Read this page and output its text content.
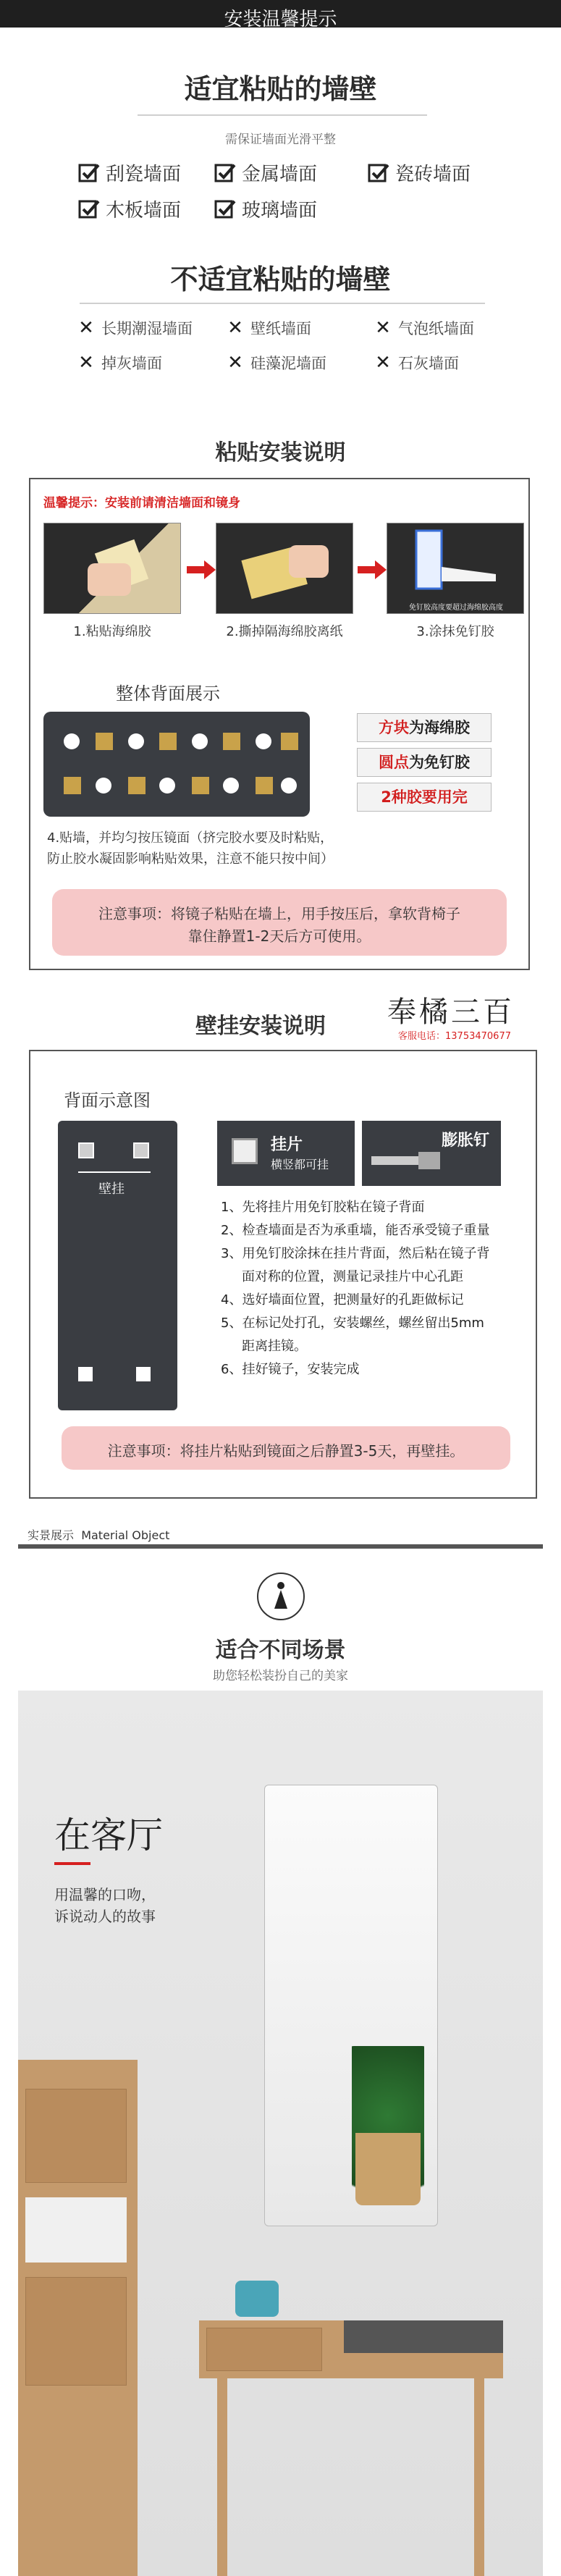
安装温馨提示
适宜粘贴的墙壁
需保证墙面光滑平整
刮瓷墙面	金属墙面	瓷砖墙面
木板墙面	玻璃墙面
不适宜粘贴的墙壁
✕ 长期潮湿墙面 ✕ 壁纸墙面	✕ 气泡纸墙面
✕ 掉灰墙面	✕ 硅藻泥墙面	✕ 石灰墙面
粘贴安装说明
温馨提示：安装前请清洁墙面和镜身
免钉胶高度要超过海绵胶高度
1.粘贴海绵胶	2.撕掉隔海绵胶离纸	3.涂抹免钉胶
整体背面展示
方块为海绵胶
圆点为免钉胶
2种胶要用完
4.贴墙，并均匀按压镜面（挤完胶水要及时粘贴，
防止胶水凝固影响粘贴效果，注意不能只按中间）
注意事项：将镜子粘贴在墙上，用手按压后，拿软背椅子
靠住静置1-2天后方可使用。
壁挂安装说明 奉橘三百
客服电话：13753470677
背面示意图
壁挂
挂片
横竖都可挂
膨胀钉
1、先将挂片用免钉胶粘在镜子背面
2、检查墙面是否为承重墙，能否承受镜子重量
3、用免钉胶涂抹在挂片背面，然后粘在镜子背
面对称的位置，测量记录挂片中心孔距
4、选好墙面位置，把测量好的孔距做标记
5、在标记处打孔，安装螺丝，螺丝留出5mm
距离挂镜。
6、挂好镜子，安装完成
注意事项：将挂片粘贴到镜面之后静置3-5天，再壁挂。
实景展示 Material Object
适合不同场景
助您轻松装扮自己的美家
在客厅
用温馨的口吻，
诉说动人的故事
